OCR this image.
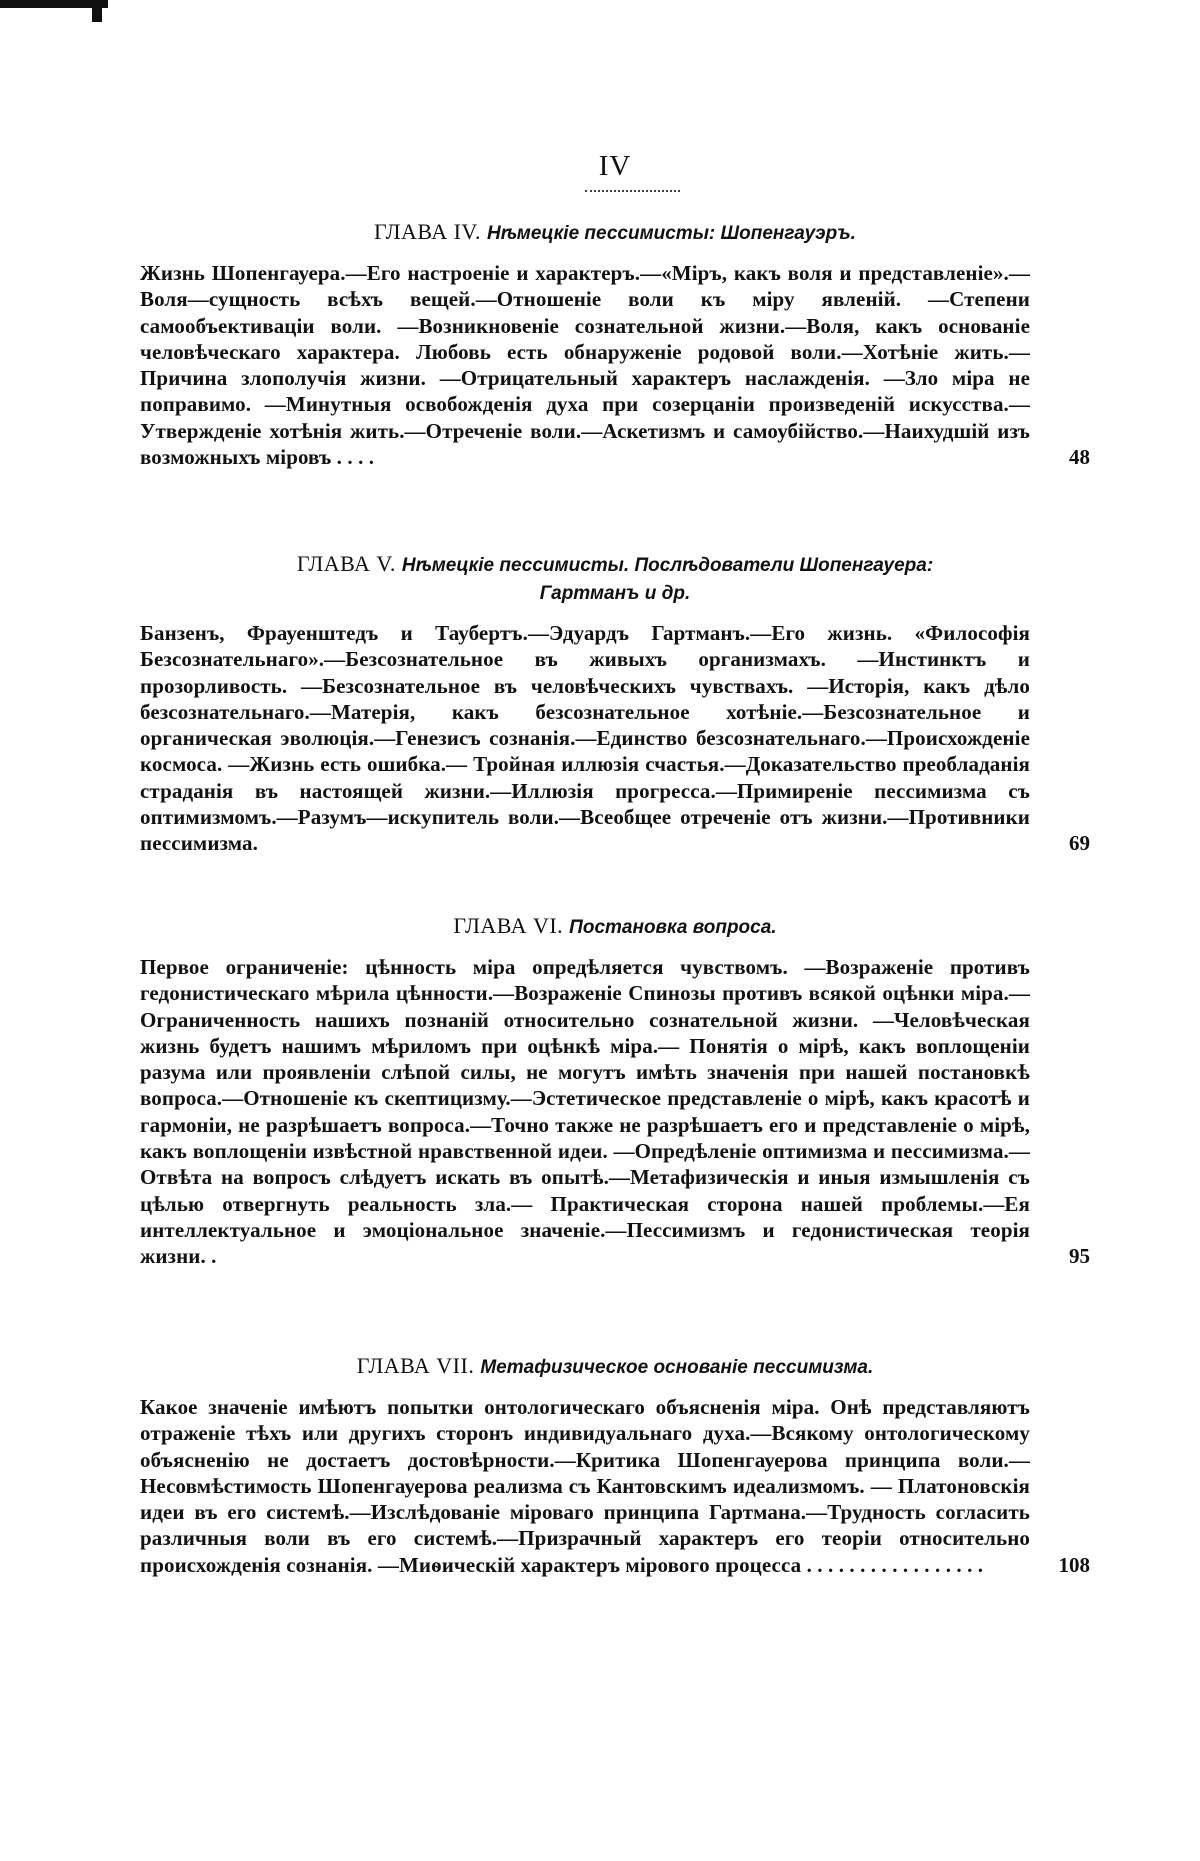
IV
ГЛАВА IV. Нѣмецкіе пессимисты: Шопенгауэръ.
Жизнь Шопенгауера.—Его настроеніе и характеръ.—«Міръ, какъ воля и представленіе».—Воля—сущность всѣхъ вещей.—Отношеніе воли къ міру явленій. —Степени самообъективаціи воли. —Возникновеніе сознательной жизни.—Воля, какъ основаніе человѣческаго характера. Любовь есть обнаруженіе родовой воли.—Хотѣніе жить.—Причина злополучія жизни. —Отрицательный характеръ наслажденія. —Зло міра не поправимо. —Минутныя освобожденія духа при созерцаніи произведеній искусства.—Утвержденіе хотѣнія жить.—Отреченіе воли.—Аскетизмъ и самоубійство.—Наихудшій изъ возможныхъ міровъ . . . .	48
ГЛАВА V. Нѣмецкіе пессимисты. Послѣдователи Шопенгауера:
Гартманъ и др.
Банзенъ, Фрауенштедъ и Таубертъ.—Эдуардъ Гартманъ.—Его жизнь. «Философія Безсознательнаго».—Безсознательное въ живыхъ организмахъ. —Инстинктъ и прозорливость. —Безсознательное въ человѣческихъ чувствахъ. —Исторія, какъ дѣло безсознательнаго.—Матерія, какъ безсознательное хотѣніе.—Безсознательное и органическая эволюція.—Генезисъ сознанія.—Единство безсознательнаго.—Происхожденіе космоса. —Жизнь есть ошибка.— Тройная иллюзія счастья.—Доказательство преобладанія страданія въ настоящей жизни.—Иллюзія прогресса.—Примиреніе пессимизма съ оптимизмомъ.—Разумъ—искупитель воли.—Всеобщее отреченіе отъ жизни.—Противники пессимизма.	69
ГЛАВА VI. Постановка вопроса.
Первое ограниченіе: цѣнность міра опредѣляется чувствомъ. —Возраженіе противъ гедонистическаго мѣрила цѣнности.—Возраженіе Спинозы противъ всякой оцѣнки міра.—Ограниченность нашихъ познаній относительно сознательной жизни. —Человѣческая жизнь будетъ нашимъ мѣриломъ при оцѣнкѣ міра.— Понятія о мірѣ, какъ воплощеніи разума или проявленіи слѣпой силы, не могутъ имѣть значенія при нашей постановкѣ вопроса.—Отношеніе къ скептицизму.—Эстетическое представленіе о мірѣ, какъ красотѣ и гармоніи, не разрѣшаетъ вопроса.—Точно также не разрѣшаетъ его и представленіе о мірѣ, какъ воплощеніи извѣстной нравственной идеи. —Опредѣленіе оптимизма и пессимизма.—Отвѣта на вопросъ слѣдуетъ искать въ опытѣ.—Метафизическія и иныя измышленія съ цѣлью отвергнуть реальность зла.— Практическая сторона нашей проблемы.—Ея интеллектуальное и эмоціональное значеніе.—Пессимизмъ и гедонистическая теорія жизни. .	95
ГЛАВА VII. Метафизическое основаніе пессимизма.
Какое значеніе имѣютъ попытки онтологическаго объясненія міра. Онѣ представляютъ отраженіе тѣхъ или другихъ сторонъ индивидуальнаго духа.—Всякому онтологическому объясненію не достаетъ достовѣрности.—Критика Шопенгауерова принципа воли.—Несовмѣстимость Шопенгауерова реализма съ Кантовскимъ идеализмомъ. — Платоновскія идеи въ его системѣ.—Изслѣдованіе міроваго принципа Гартмана.—Трудность согласить различныя воли въ его системѣ.—Призрачный характеръ его теоріи относительно происхожденія сознанія. —Миѳическій характеръ міровогo процесса . . . . . . . . . . . . . . . . .	108
